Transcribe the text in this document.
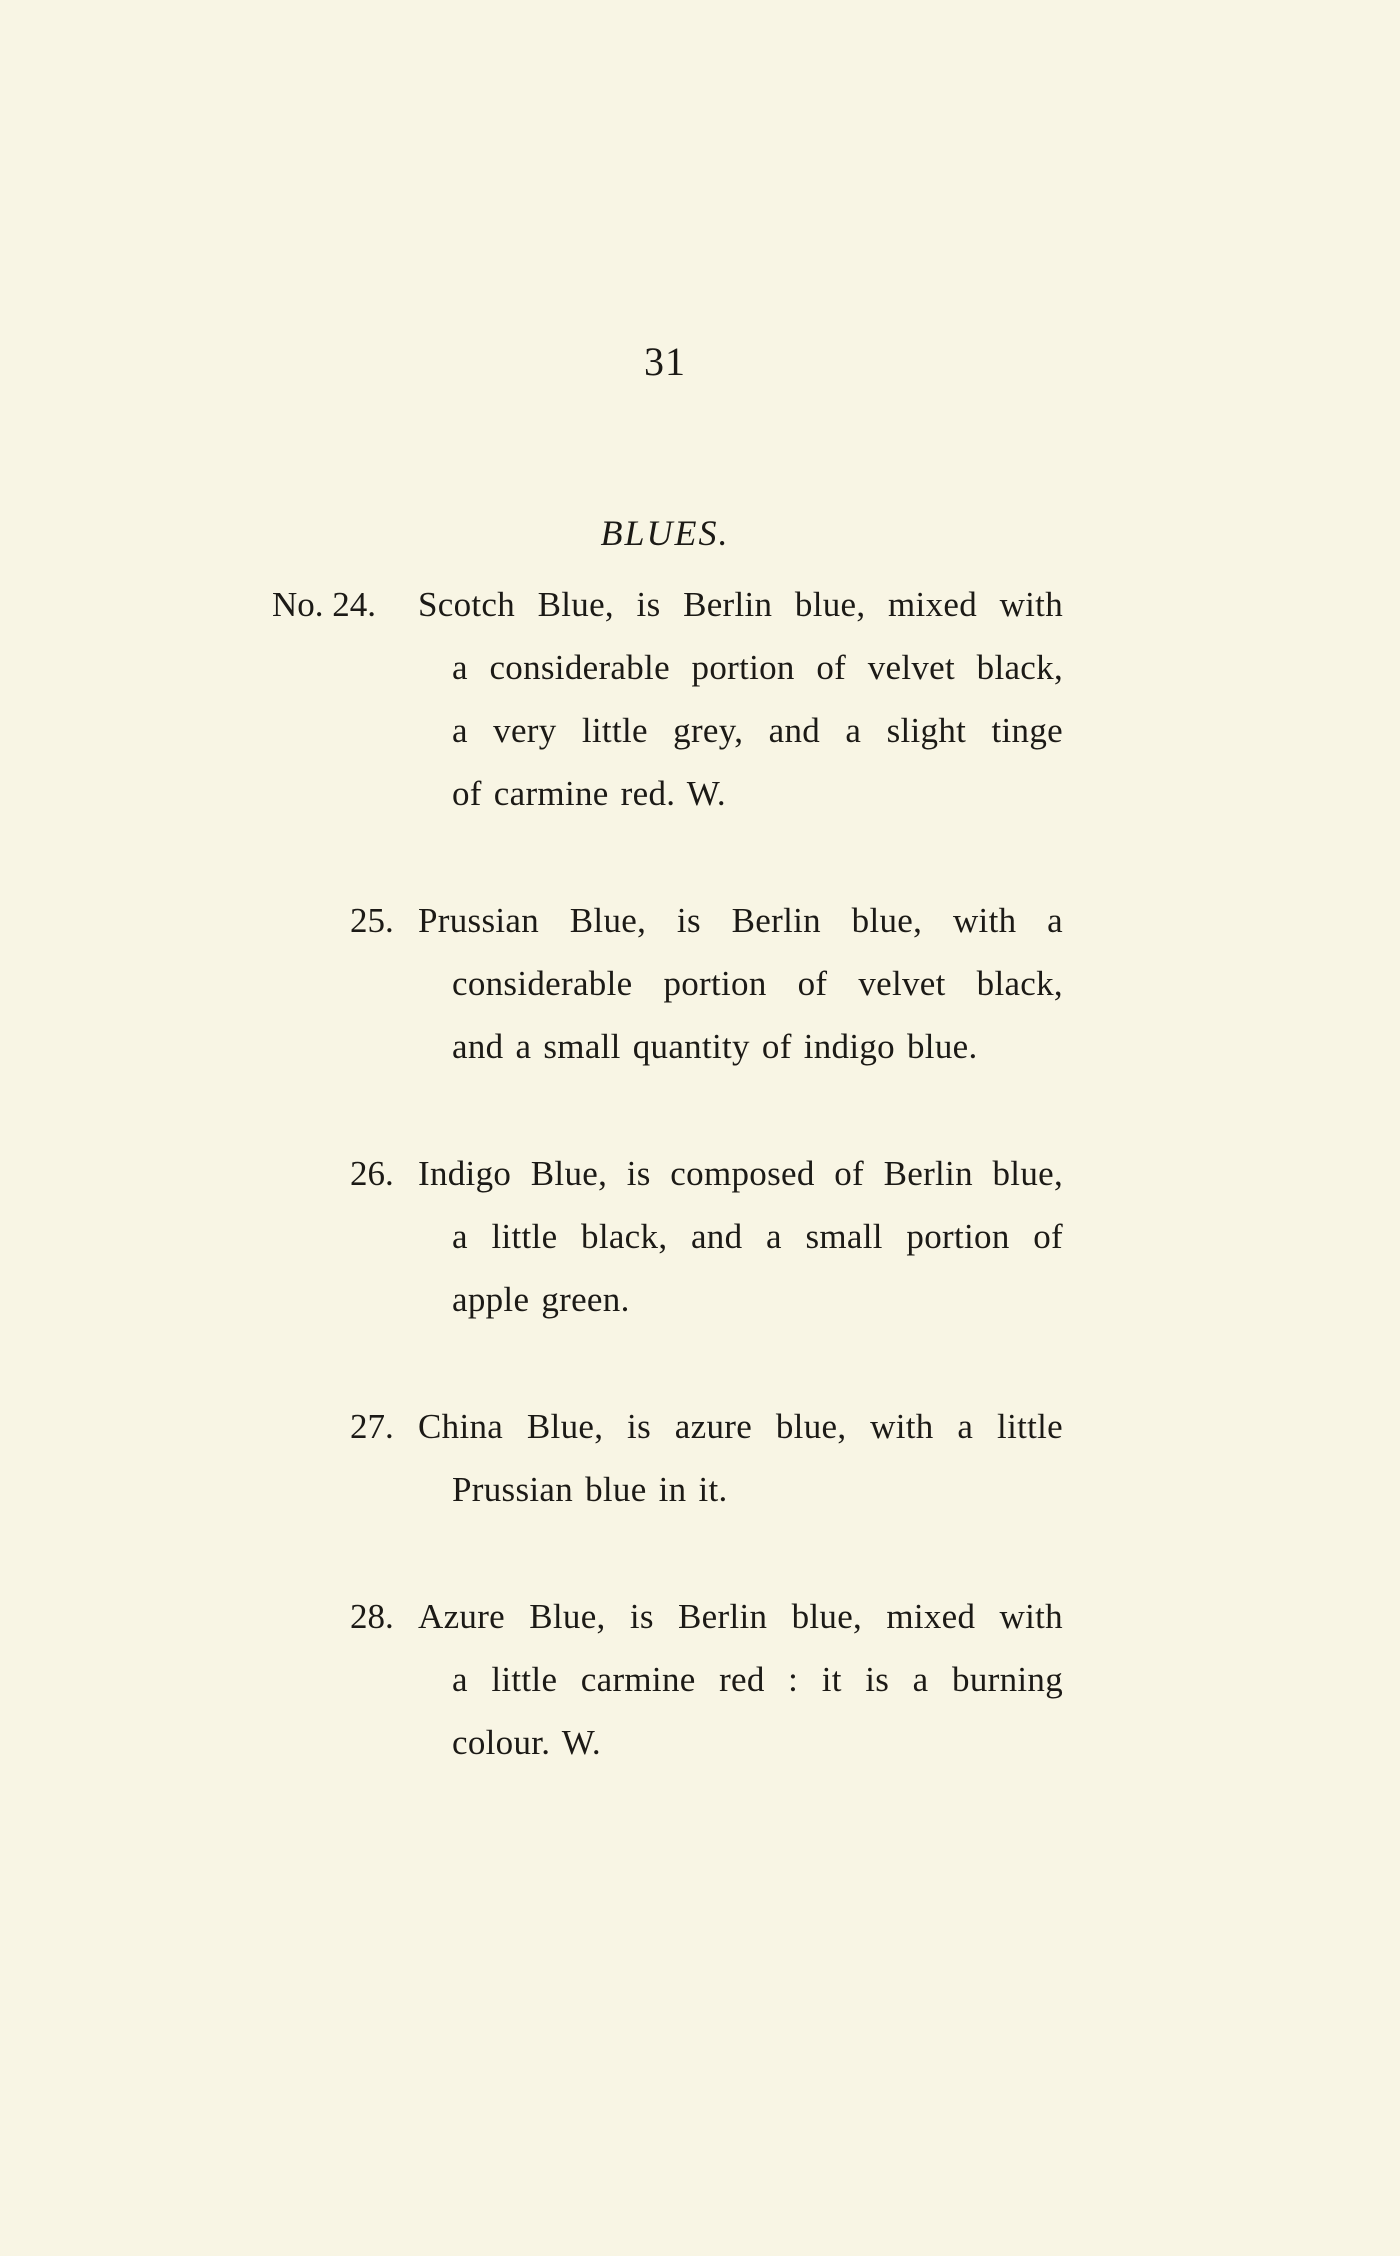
31
BLUES.
No. 24. Scotch Blue, is Berlin blue, mixed with
a considerable portion of velvet black,
a very little grey, and a slight tinge
of carmine red. W.
25. Prussian Blue, is Berlin blue, with a
considerable portion of velvet black,
and a small quantity of indigo blue.
26. Indigo Blue, is composed of Berlin blue,
a little black, and a small portion of
apple green.
27. China Blue, is azure blue, with a little
Prussian blue in it.
28. Azure Blue, is Berlin blue, mixed with
a little carmine red : it is a burning
colour. W.
